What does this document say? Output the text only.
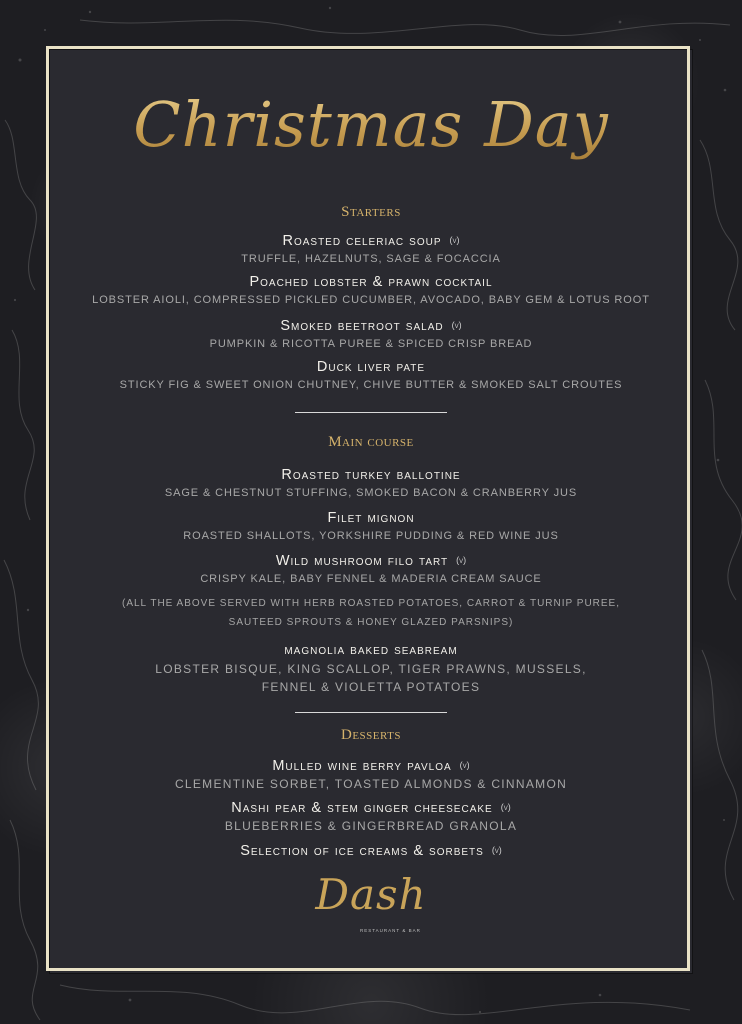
Christmas Day
Starters
Roasted celeriac soup (v)
TRUFFLE, HAZELNUTS, SAGE & FOCACCIA
Poached lobster & prawn cocktail
LOBSTER AIOLI, COMPRESSED PICKLED CUCUMBER, AVOCADO, BABY GEM & LOTUS ROOT
Smoked beetroot salad (v)
PUMPKIN & RICOTTA PUREE & SPICED CRISP BREAD
Duck liver pate
STICKY FIG & SWEET ONION CHUTNEY, CHIVE BUTTER & SMOKED SALT CROUTES
Main course
Roasted turkey ballotine
SAGE & CHESTNUT STUFFING, SMOKED BACON & CRANBERRY JUS
Filet mignon
ROASTED SHALLOTS, YORKSHIRE PUDDING & RED WINE JUS
Wild mushroom filo tart (v)
CRISPY KALE, BABY FENNEL & MADERIA CREAM SAUCE
(ALL THE ABOVE SERVED WITH HERB ROASTED POTATOES, CARROT & TURNIP PUREE,
SAUTEED SPROUTS & HONEY GLAZED PARSNIPS)
magnolia baked seabream
LOBSTER BISQUE, KING SCALLOP, TIGER PRAWNS, MUSSELS,
FENNEL & VIOLETTA POTATOES
Desserts
Mulled wine berry pavloa (v)
CLEMENTINE SORBET, TOASTED ALMONDS & CINNAMON
Nashi pear & stem ginger cheesecake (v)
BLUEBERRIES & GINGERBREAD GRANOLA
Selection of ice creams & sorbets (v)
Dash
RESTAURANT & BAR
